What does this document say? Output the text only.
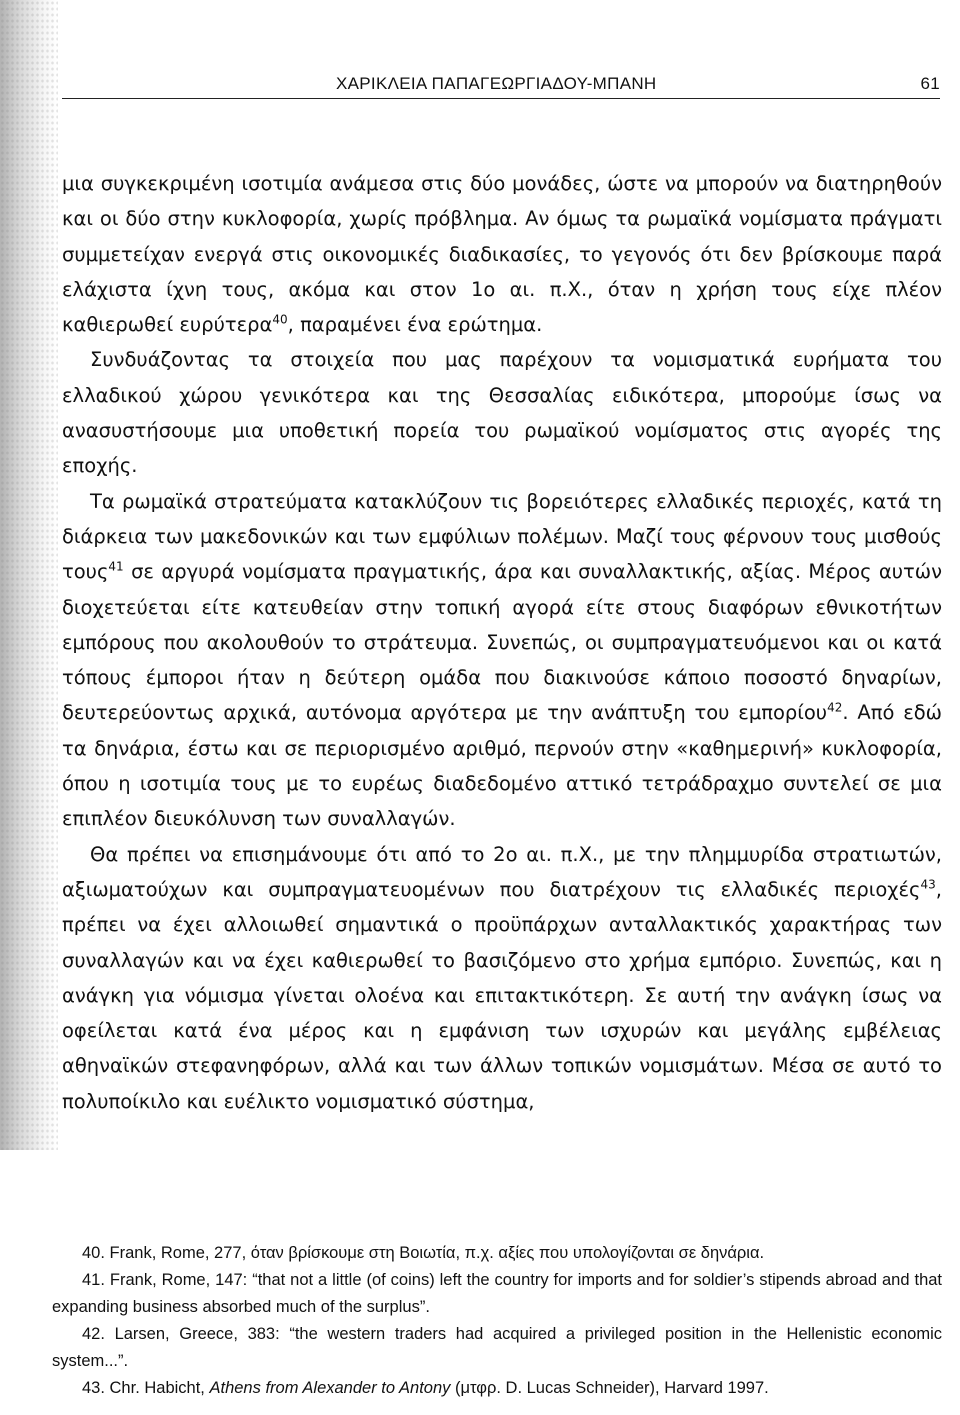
ΧΑΡΙΚΛΕΙΑ ΠΑΠΑΓΕΩΡΓΙΑΔΟΥ-ΜΠΑΝΗ	61

μια συγκεκριμένη ισοτιμία ανάμεσα στις δύο μονάδες, ώστε να μπορούν να διατηρηθούν και οι δύο στην κυκλοφορία, χωρίς πρόβλημα. Αν όμως τα ρωμαϊκά νομίσματα πράγματι συμμετείχαν ενεργά στις οικονομικές διαδικασίες, το γεγονός ότι δεν βρίσκουμε παρά ελάχιστα ίχνη τους, ακόμα και στον 1ο αι. π.Χ., όταν η χρήση τους είχε πλέον καθιερωθεί ευρύτερα$^{40}$, παραμένει ένα ερώτημα.

Συνδυάζοντας τα στοιχεία που μας παρέχουν τα νομισματικά ευρήματα του ελλαδικού χώρου γενικότερα και της Θεσσαλίας ειδικότερα, μπορούμε ίσως να ανασυστήσουμε μια υποθετική πορεία του ρωμαϊκού νομίσματος στις αγορές της εποχής.

Τα ρωμαϊκά στρατεύματα κατακλύζουν τις βορειότερες ελλαδικές περιοχές, κατά τη διάρκεια των μακεδονικών και των εμφύλιων πολέμων. Μαζί τους φέρνουν τους μισθούς τους$^{41}$ σε αργυρά νομίσματα πραγματικής, άρα και συναλλακτικής, αξίας. Μέρος αυτών διοχετεύεται είτε κατευθείαν στην τοπική αγορά είτε στους διαφόρων εθνικοτήτων εμπόρους που ακολουθούν το στράτευμα. Συνεπώς, οι συμπραγματευόμενοι και οι κατά τόπους έμποροι ήταν η δεύτερη ομάδα που διακινούσε κάποιο ποσοστό δηναρίων, δευτερεύοντως αρχικά, αυτόνομα αργότερα με την ανάπτυξη του εμπορίου$^{42}$. Από εδώ τα δηνάρια, έστω και σε περιορισμένο αριθμό, περνούν στην «καθημερινή» κυκλοφορία, όπου η ισοτιμία τους με το ευρέως διαδεδομένο αττικό τετράδραχμο συντελεί σε μια επιπλέον διευκόλυνση των συναλλαγών.

Θα πρέπει να επισημάνουμε ότι από το 2ο αι. π.Χ., με την πλημμυρίδα στρατιωτών, αξιωματούχων και συμπραγματευομένων που διατρέχουν τις ελλαδικές περιοχές$^{43}$, πρέπει να έχει αλλοιωθεί σημαντικά ο προϋπάρχων ανταλλακτικός χαρακτήρας των συναλλαγών και να έχει καθιερωθεί το βασιζόμενο στο χρήμα εμπόριο. Συνεπώς, και η ανάγκη για νόμισμα γίνεται ολοένα και επιτακτικότερη. Σε αυτή την ανάγκη ίσως να οφείλεται κατά ένα μέρος και η εμφάνιση των ισχυρών και μεγάλης εμβέλειας αθηναϊκών στεφανηφόρων, αλλά και των άλλων τοπικών νομισμάτων. Μέσα σε αυτό το πολυποίκιλο και ευέλικτο νομισματικό σύστημα,

40. Frank, Rome, 277, όταν βρίσκουμε στη Βοιωτία, π.χ. αξίες που υπολογίζονται σε δηνάρια.

41. Frank, Rome, 147: “that not a little (of coins) left the country for imports and for soldier’s stipends abroad and that expanding business absorbed much of the surplus”.

42. Larsen, Greece, 383: “the western traders had acquired a privileged position in the Hellenistic economic system...”.

43. Chr. Habicht, Athens from Alexander to Antony (μτφρ. D. Lucas Schneider), Harvard 1997.
